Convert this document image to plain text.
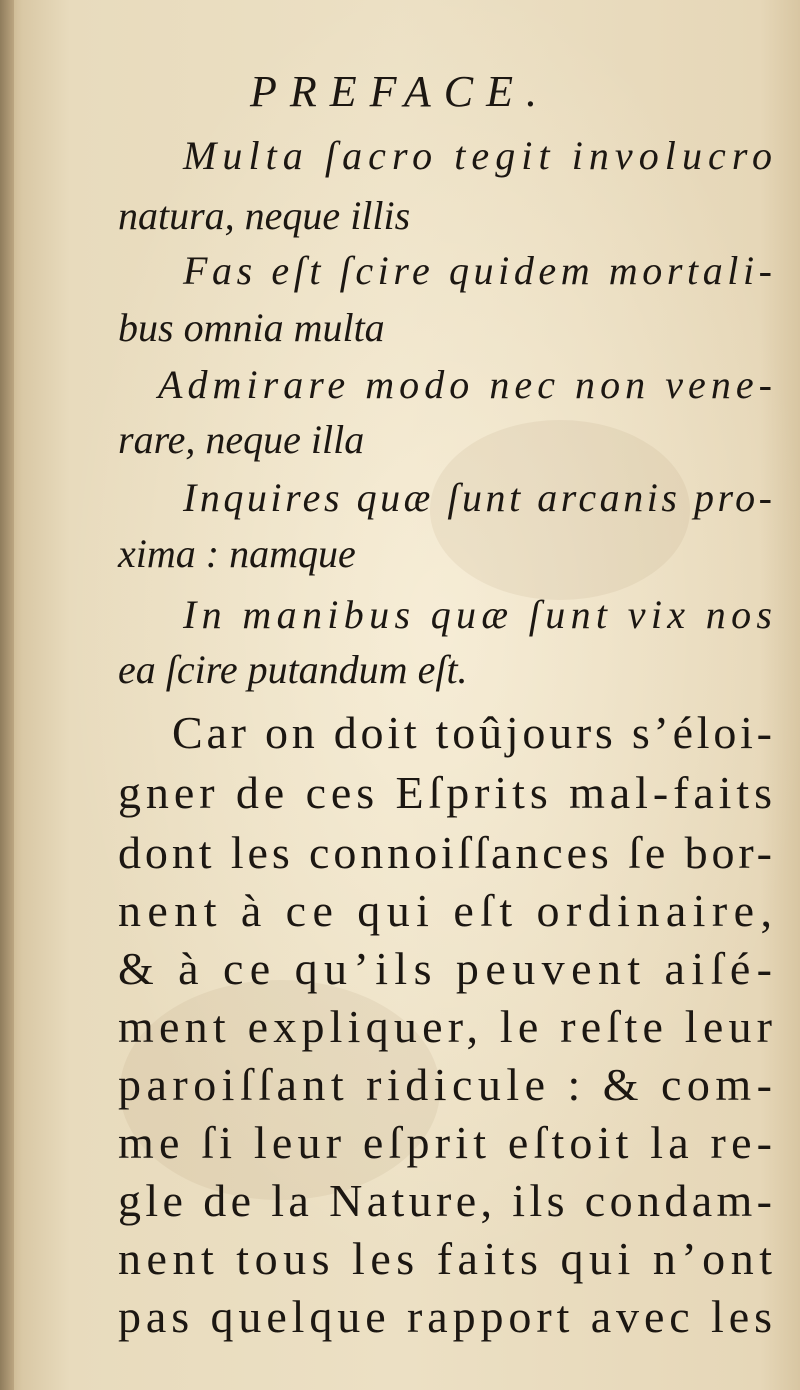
PREFACE.
Multa ſacro tegit involucro
natura, neque illis
Fas eſt ſcire quidem mortali-
bus omnia multa
Admirare modo nec non vene-
rare, neque illa
Inquires quæ ſunt arcanis pro-
xima : namque
In manibus quæ ſunt vix nos
ea ſcire putandum eſt.
Car on doit toûjours s’éloi-
gner de ces Eſprits mal-faits
dont les connoiſſances ſe bor-
nent à ce qui eſt ordinaire,
& à ce qu’ils peuvent aiſé-
ment expliquer, le reſte leur
paroiſſant ridicule : & com-
me ſi leur eſprit eſtoit la re-
gle de la Nature, ils condam-
nent tous les faits qui n’ont
pas quelque rapport avec les
